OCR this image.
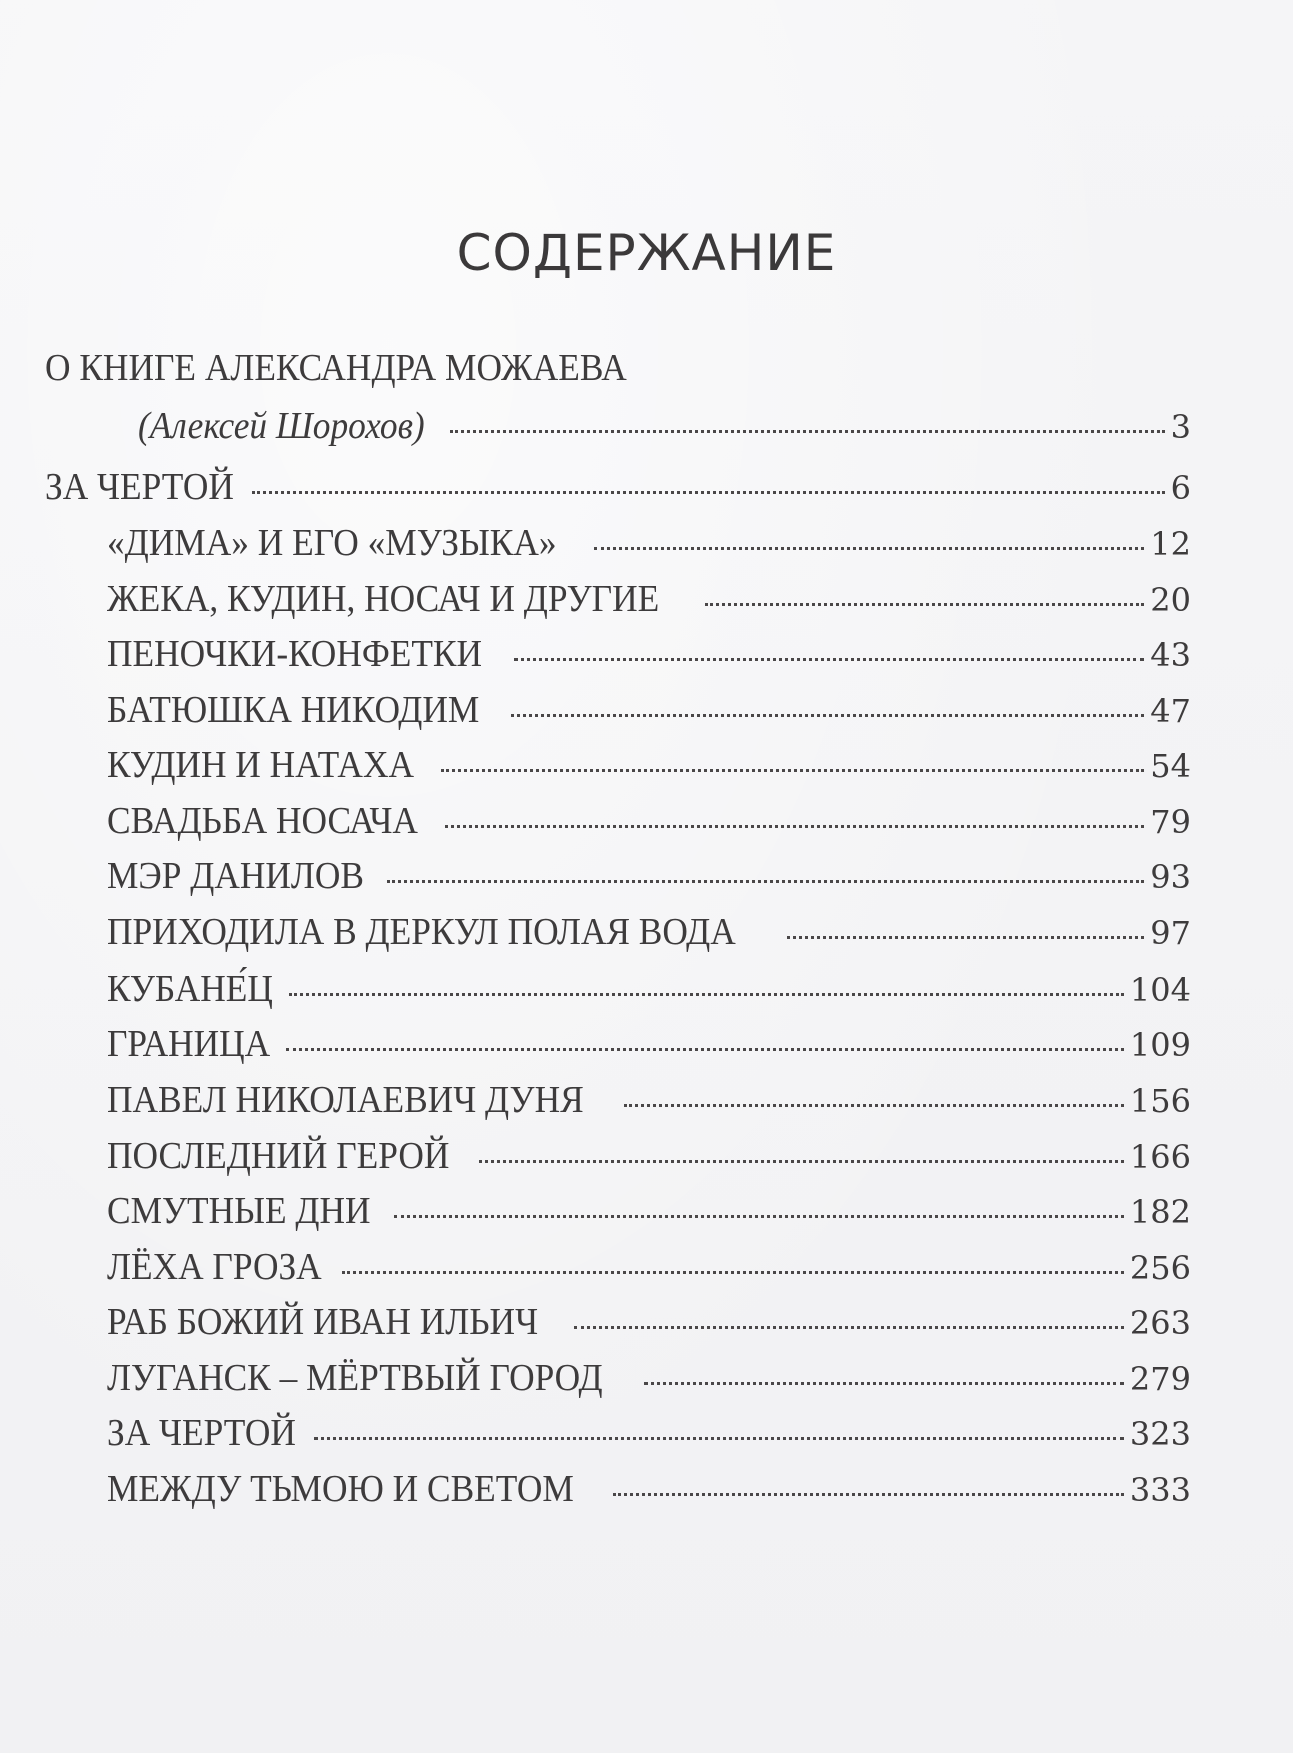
СОДЕРЖАНИЕ
О КНИГЕ АЛЕКСАНДРА МОЖАЕВА
(Алексей Шорохов)	3
ЗА ЧЕРТОЙ	6
«ДИМА» И ЕГО «МУЗЫКА»	12
ЖЕКА, КУДИН, НОСАЧ И ДРУГИЕ	20
ПЕНОЧКИ-КОНФЕТКИ	43
БАТЮШКА НИКОДИМ	47
КУДИН И НАТАХА	54
СВАДЬБА НОСАЧА	79
МЭР ДАНИЛОВ	93
ПРИХОДИЛА В ДЕРКУЛ ПОЛАЯ ВОДА	97
КУБАНЕ́Ц	104
ГРАНИЦА	109
ПАВЕЛ НИКОЛАЕВИЧ ДУНЯ	156
ПОСЛЕДНИЙ ГЕРОЙ	166
СМУТНЫЕ ДНИ	182
ЛЁХА ГРОЗА	256
РАБ БОЖИЙ ИВАН ИЛЬИЧ	263
ЛУГАНСК – МЁРТВЫЙ ГОРОД	279
ЗА ЧЕРТОЙ	323
МЕЖДУ ТЬМОЮ И СВЕТОМ	333
